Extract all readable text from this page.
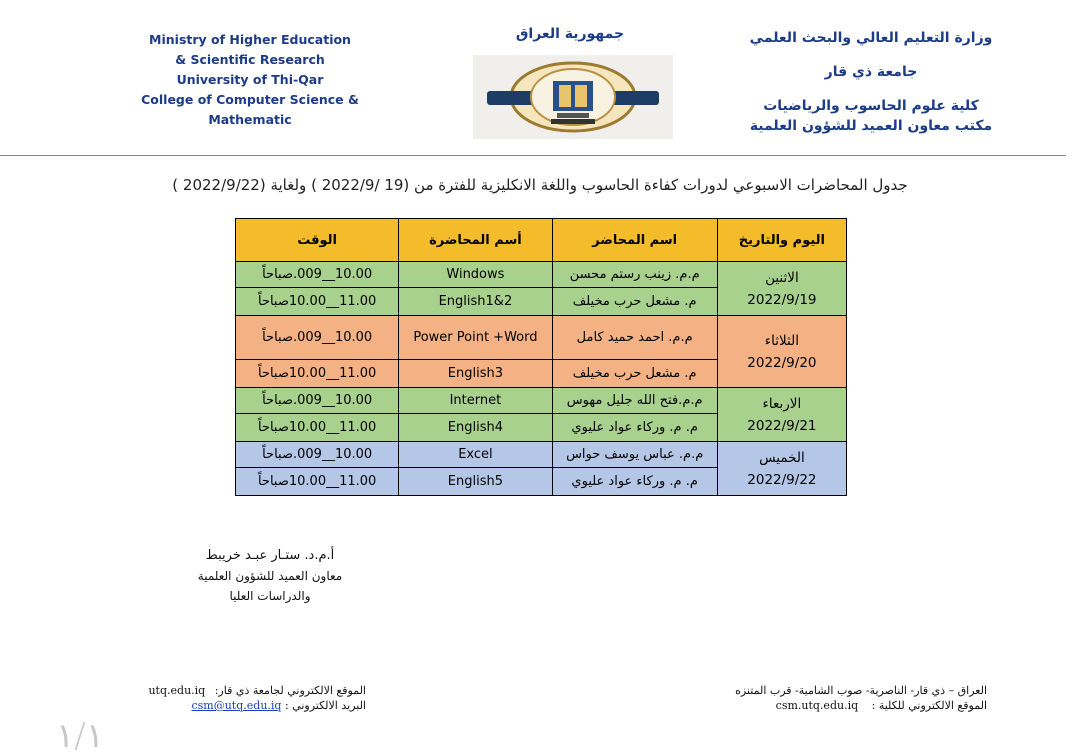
Ministry of Higher Education
& Scientific Research
University of Thi-Qar
College of Computer Science & Mathematic
جمهورية العراق	وزارة التعليم العالي والبحث العلمي
جامعة ذي قار
كلية علوم الحاسوب والرياضيات
مكتب معاون العميد للشؤون العلمية
جدول المحاضرات الاسبوعي لدورات كفاءة الحاسوب واللغة الانكليزية للفترة من (19 /2022/9 ) ولغاية (2022/9/22 )
اليوم والتاريخ	اسم المحاضر	أسم المحاضرة	الوقت

الاثنين
2022/9/19	م.م. زينب رستم محسن	Windows	10.00__009.صباحاً
	م. مشعل حرب مخيلف	English1&2	11.00__10.00صباحاً

الثلاثاء
2022/9/20	م.م. احمد حميد كامل	Power Point +Word	10.00__009.صباحاً
	م. مشعل حرب مخيلف	English3	11.00__10.00صباحاً

الاربعاء
2022/9/21	م.م.فتح الله جليل مهوس	Internet	10.00__009.صباحاً
	م. م. وركاء عواد عليوي	English4	11.00__10.00صباحاً

الخميس
2022/9/22	م.م. عباس يوسف حواس	Excel	10.00__009.صباحاً
	م. م. وركاء عواد عليوي	English5	11.00__10.00صباحاً
أ.م.د. ستـار عبـد خريبط
معاون العميد للشؤون العلمية
والدراسات العليا
العراق – ذي قار- الناصرية- صوب الشامية- قرب المتنزه
الموقع الالكتروني للكلية : csm.utq.edu.iq
الموقع الالكتروني لجامعة ذي قار: utq.edu.iq
البريد الالكتروني : csm@utq.edu.iq
١/١
